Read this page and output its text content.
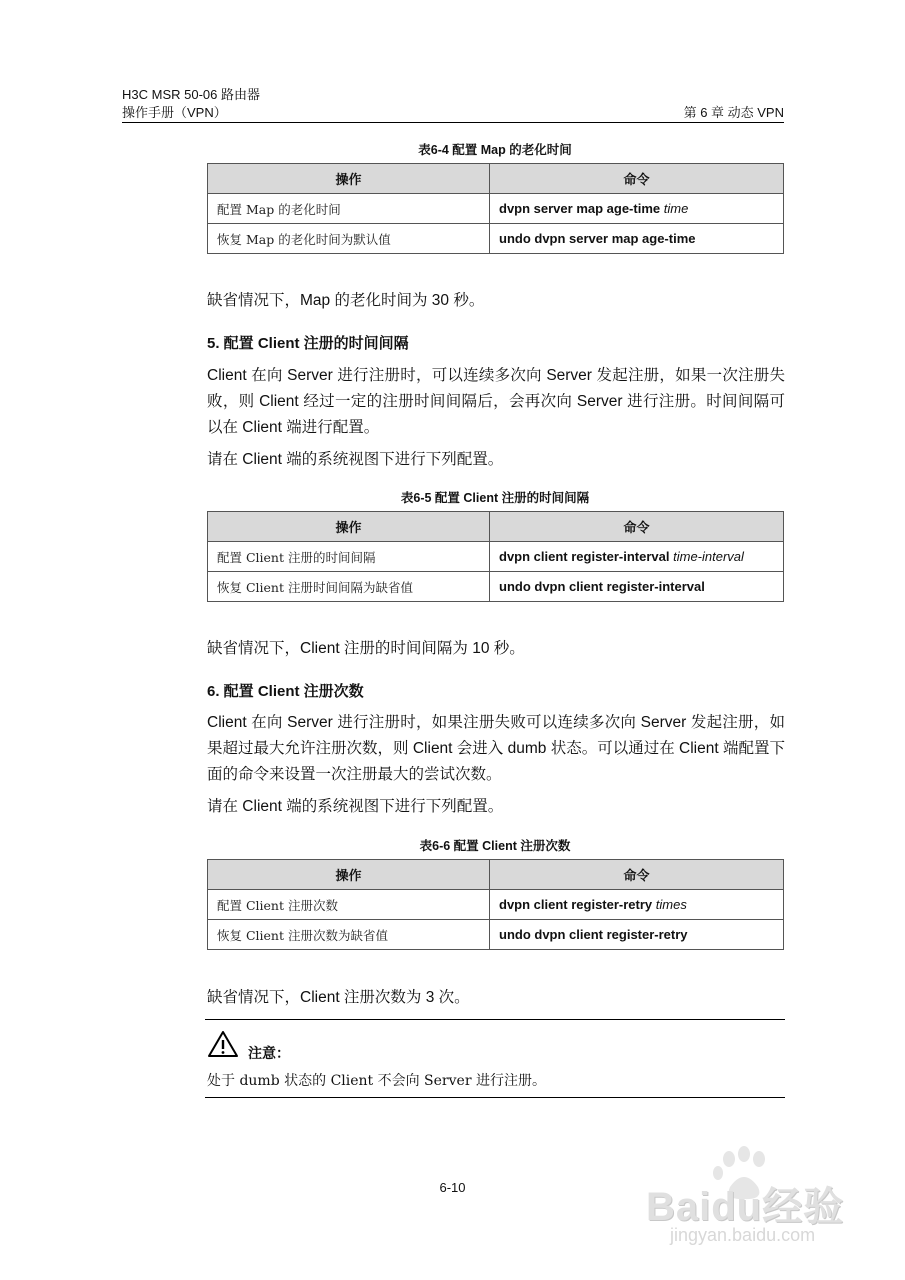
H3C MSR 50-06 路由器
操作手册（VPN）	第 6 章 动态 VPN
表6-4 配置 Map 的老化时间
操作	命令
配置 Map 的老化时间	dvpn server map age-time time
恢复 Map 的老化时间为默认值	undo dvpn server map age-time
缺省情况下，Map 的老化时间为 30 秒。
5. 配置 Client 注册的时间间隔
Client 在向 Server 进行注册时，可以连续多次向 Server 发起注册，如果一次注册失败，则 Client 经过一定的注册时间间隔后，会再次向 Server 进行注册。时间间隔可以在 Client 端进行配置。
请在 Client 端的系统视图下进行下列配置。
表6-5 配置 Client 注册的时间间隔
操作	命令
配置 Client 注册的时间间隔	dvpn client register-interval time-interval
恢复 Client 注册时间间隔为缺省值	undo dvpn client register-interval
缺省情况下，Client 注册的时间间隔为 10 秒。
6. 配置 Client 注册次数
Client 在向 Server 进行注册时，如果注册失败可以连续多次向 Server 发起注册，如果超过最大允许注册次数，则 Client 会进入 dumb 状态。可以通过在 Client 端配置下面的命令来设置一次注册最大的尝试次数。
请在 Client 端的系统视图下进行下列配置。
表6-6 配置 Client 注册次数
操作	命令
配置 Client 注册次数	dvpn client register-retry times
恢复 Client 注册次数为缺省值	undo dvpn client register-retry
缺省情况下，Client 注册次数为 3 次。
注意：
处于 dumb 状态的 Client 不会向 Server 进行注册。
6-10	Baidu经验
jingyan.baidu.com
